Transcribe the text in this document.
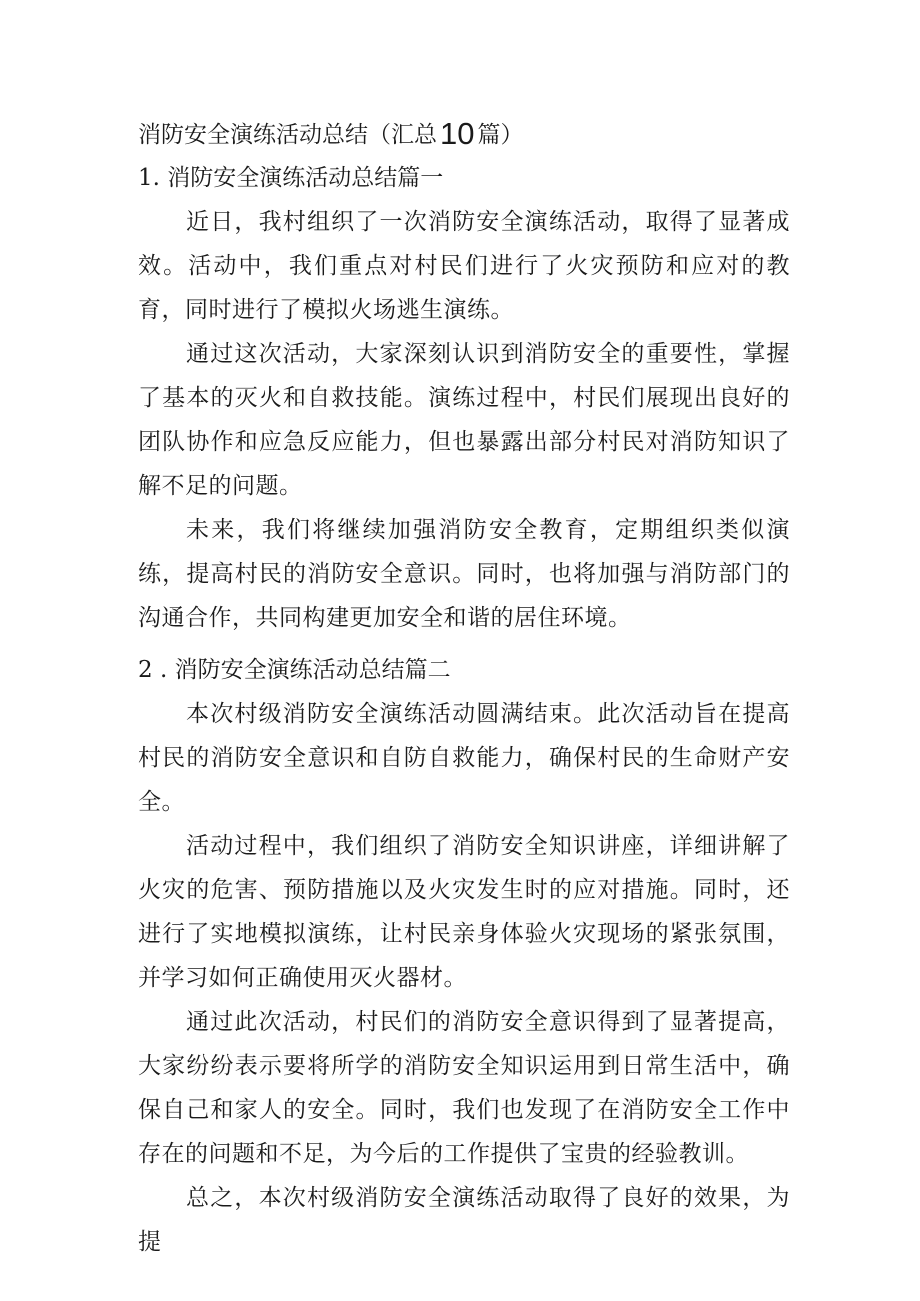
消防安全演练活动总结（汇总10 篇）
1. 消防安全演练活动总结篇一

近日，我村组织了一次消防安全演练活动，取得了显著成效。活动中，我们重点对村民们进行了火灾预防和应对的教育，同时进行了模拟火场逃生演练。

通过这次活动，大家深刻认识到消防安全的重要性，掌握了基本的灭火和自救技能。演练过程中，村民们展现出良好的团队协作和应急反应能力，但也暴露出部分村民对消防知识了解不足的问题。

未来，我们将继续加强消防安全教育，定期组织类似演练，提高村民的消防安全意识。同时，也将加强与消防部门的沟通合作，共同构建更加安全和谐的居住环境。

2 . 消防安全演练活动总结篇二

本次村级消防安全演练活动圆满结束。此次活动旨在提高村民的消防安全意识和自防自救能力，确保村民的生命财产安全。

活动过程中，我们组织了消防安全知识讲座，详细讲解了火灾的危害、预防措施以及火灾发生时的应对措施。同时，还进行了实地模拟演练，让村民亲身体验火灾现场的紧张氛围，并学习如何正确使用灭火器材。

通过此次活动，村民们的消防安全意识得到了显著提高，大家纷纷表示要将所学的消防安全知识运用到日常生活中，确保自己和家人的安全。同时，我们也发现了在消防安全工作中存在的问题和不足，为今后的工作提供了宝贵的经验教训。

总之，本次村级消防安全演练活动取得了良好的效果，为提
